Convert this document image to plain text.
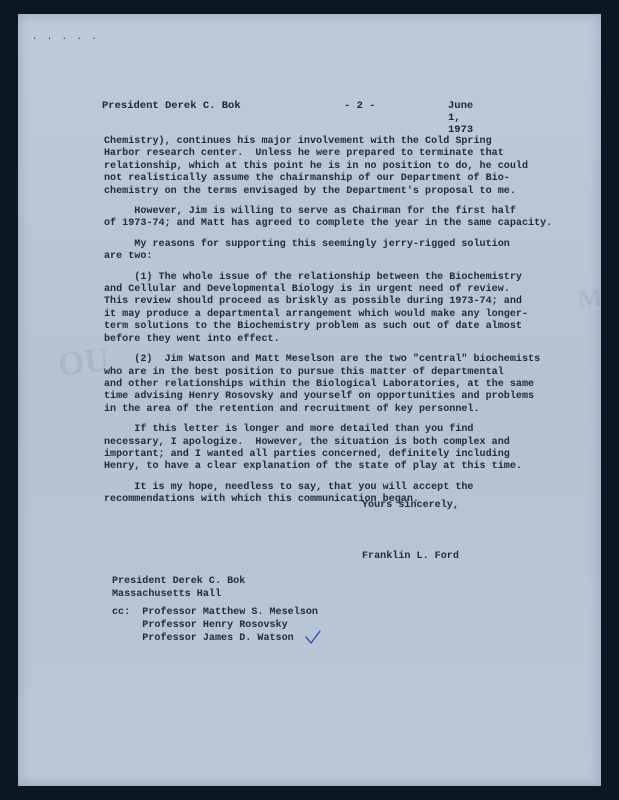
· · · · ·
OU
M
President Derek C. Bok	- 2 -	June 1, 1973

Chemistry), continues his major involvement with the Cold Spring
Harbor research center.  Unless he were prepared to terminate that
relationship, which at this point he is in no position to do, he could
not realistically assume the chairmanship of our Department of Bio-
chemistry on the terms envisaged by the Department's proposal to me.

However, Jim is willing to serve as Chairman for the first half
of 1973-74; and Matt has agreed to complete the year in the same capacity.

My reasons for supporting this seemingly jerry-rigged solution
are two:

(1) The whole issue of the relationship between the Biochemistry
and Cellular and Developmental Biology is in urgent need of review.
This review should proceed as briskly as possible during 1973-74; and
it may produce a departmental arrangement which would make any longer-
term solutions to the Biochemistry problem as such out of date almost
before they went into effect.

(2)  Jim Watson and Matt Meselson are the two "central" biochemists
who are in the best position to pursue this matter of departmental
and other relationships within the Biological Laboratories, at the same
time advising Henry Rosovsky and yourself on opportunities and problems
in the area of the retention and recruitment of key personnel.

If this letter is longer and more detailed than you find
necessary, I apologize.  However, the situation is both complex and
important; and I wanted all parties concerned, definitely including
Henry, to have a clear explanation of the state of play at this time.

It is my hope, needless to say, that you will accept the
recommendations with which this communication began.

Yours sincerely,
Franklin L. Ford
President Derek C. Bok
Massachusetts Hall
cc: Professor Matthew S. Meselson
Professor Henry Rosovsky
Professor James D. Watson
